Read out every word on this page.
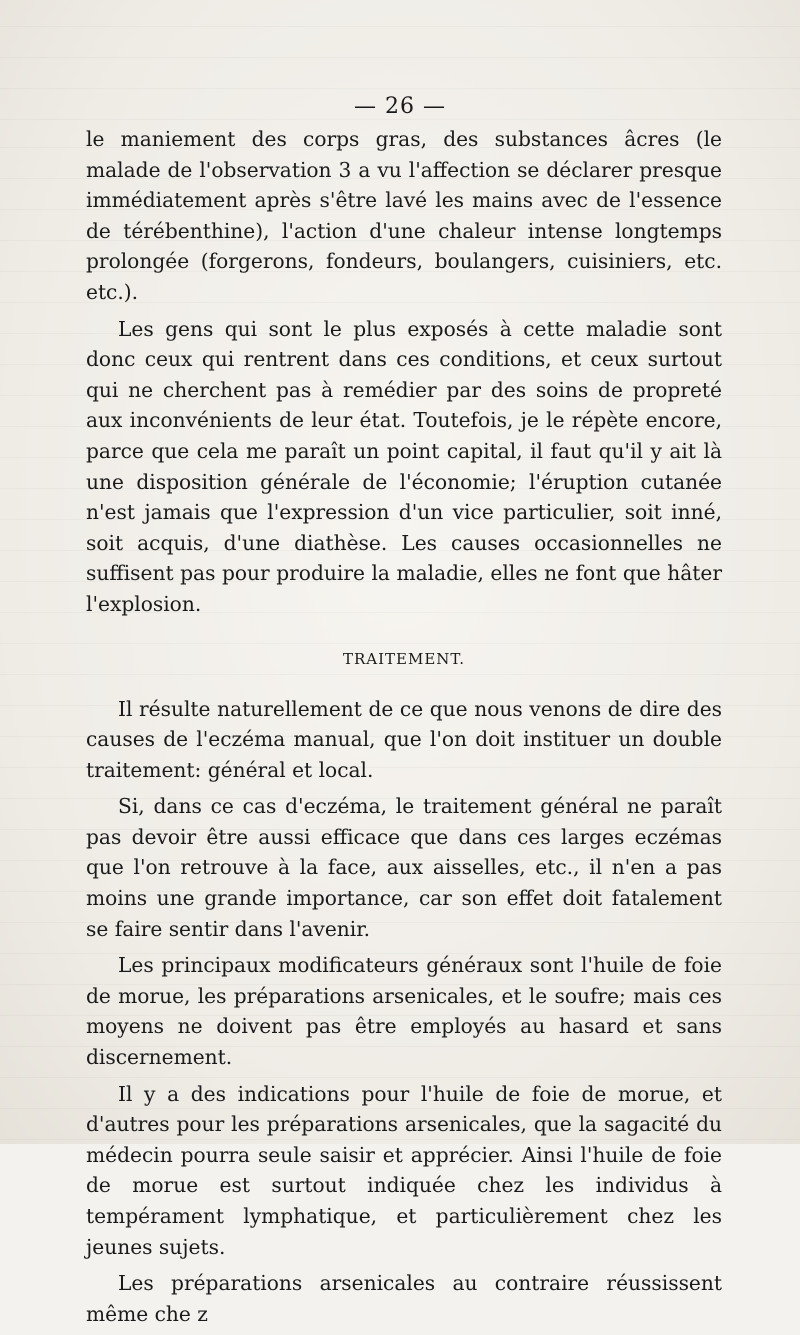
— 26 —

le maniement des corps gras, des substances âcres (le malade de l'observation 3 a vu l'affection se déclarer presque immédiatement après s'être lavé les mains avec de l'essence de térébenthine), l'action d'une chaleur intense longtemps prolongée (forgerons, fondeurs, boulangers, cuisiniers, etc. etc.).

Les gens qui sont le plus exposés à cette maladie sont donc ceux qui rentrent dans ces conditions, et ceux surtout qui ne cherchent pas à remédier par des soins de propreté aux inconvénients de leur état. Toutefois, je le répète encore, parce que cela me paraît un point capital, il faut qu'il y ait là une disposition générale de l'économie; l'éruption cutanée n'est jamais que l'expression d'un vice particulier, soit inné, soit acquis, d'une diathèse. Les causes occasionnelles ne suffisent pas pour produire la maladie, elles ne font que hâter l'explosion.

TRAITEMENT.

Il résulte naturellement de ce que nous venons de dire des causes de l'eczéma manual, que l'on doit instituer un double traitement: général et local.

Si, dans ce cas d'eczéma, le traitement général ne paraît pas devoir être aussi efficace que dans ces larges eczémas que l'on retrouve à la face, aux aisselles, etc., il n'en a pas moins une grande importance, car son effet doit fatalement se faire sentir dans l'avenir.

Les principaux modificateurs généraux sont l'huile de foie de morue, les préparations arsenicales, et le soufre; mais ces moyens ne doivent pas être employés au hasard et sans discernement.

Il y a des indications pour l'huile de foie de morue, et d'autres pour les préparations arsenicales, que la sagacité du médecin pourra seule saisir et apprécier. Ainsi l'huile de foie de morue est surtout indiquée chez les individus à tempérament lymphatique, et particulièrement chez les jeunes sujets.

Les préparations arsenicales au contraire réussissent même che z
